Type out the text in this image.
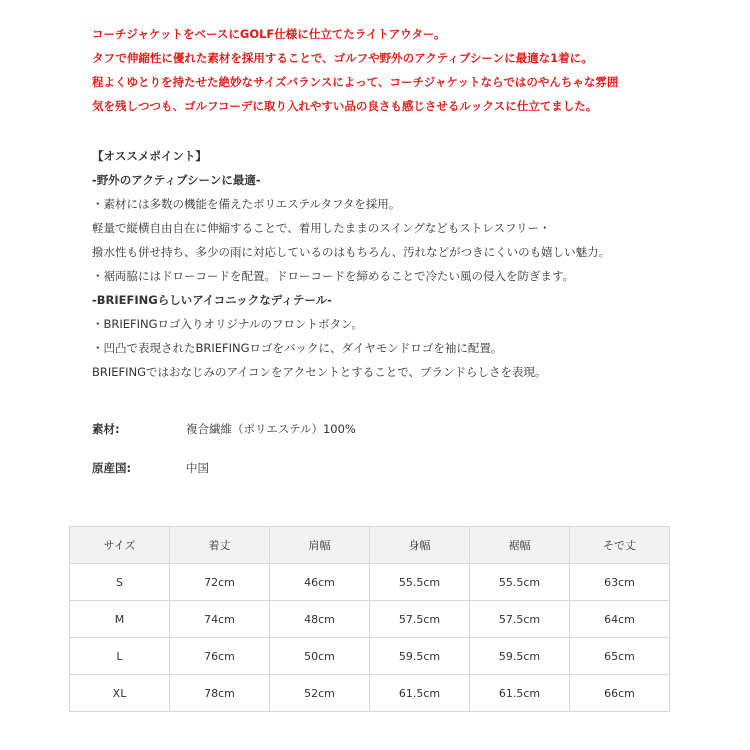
コーチジャケットをベースにGOLF仕様に仕立てたライトアウター。
タフで伸縮性に優れた素材を採用することで、ゴルフや野外のアクティブシーンに最適な1着に。
程よくゆとりを持たせた絶妙なサイズバランスによって、コーチジャケットならではのやんちゃな雰囲
気を残しつつも、ゴルフコーデに取り入れやすい品の良さも感じさせるルックスに仕立てました。
【オススメポイント】
-野外のアクティブシーンに最適-
・素材には多数の機能を備えたポリエステルタフタを採用。
軽量で縦横自由自在に伸縮することで、着用したままのスイングなどもストレスフリー・
撥水性も併せ持ち、多少の雨に対応しているのはもちろん、汚れなどがつきにくいのも嬉しい魅力。
・裾両脇にはドローコードを配置。ドローコードを締めることで冷たい風の侵入を防ぎます。
-BRIEFINGらしいアイコニックなディテール-
・BRIEFINGロゴ入りオリジナルのフロントボタン。
・凹凸で表現されたBRIEFINGロゴをバックに、ダイヤモンドロゴを袖に配置。
BRIEFINGではおなじみのアイコンをアクセントとすることで、ブランドらしさを表現。
素材:	複合繊維（ポリエステル）100%
原産国:	中国
サイズ	着丈	肩幅	身幅	裾幅	そで丈
S	72cm	46cm	55.5cm	55.5cm	63cm
M	74cm	48cm	57.5cm	57.5cm	64cm
L	76cm	50cm	59.5cm	59.5cm	65cm
XL	78cm	52cm	61.5cm	61.5cm	66cm
